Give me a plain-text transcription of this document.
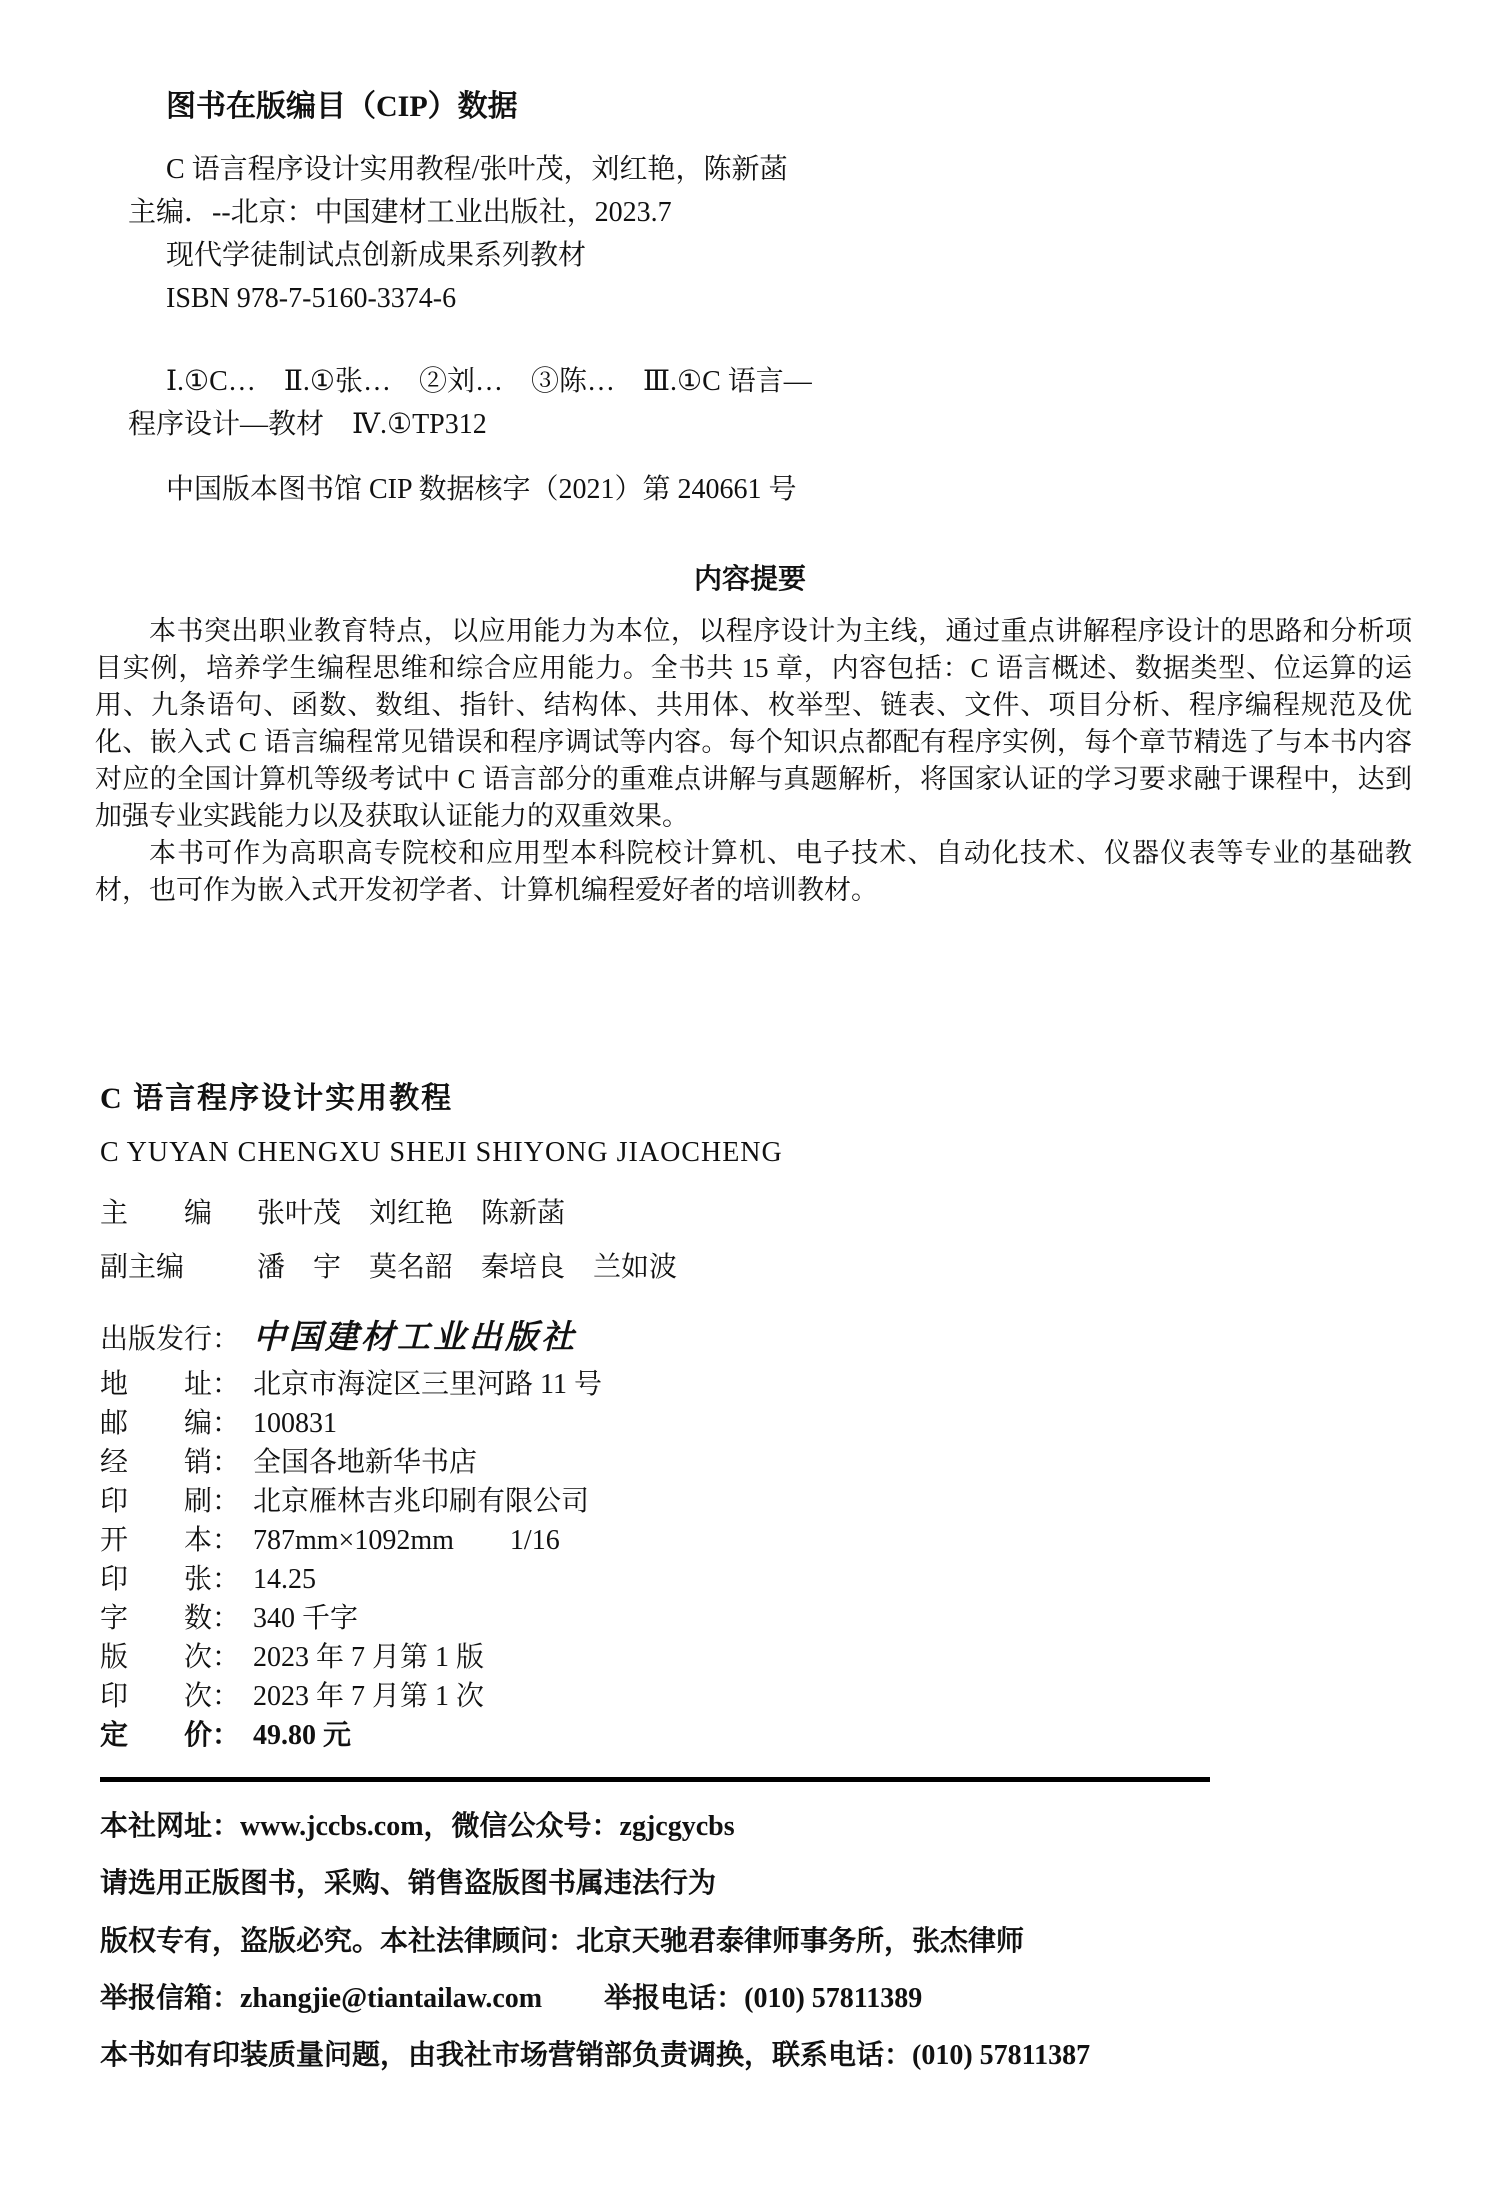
图书在版编目（CIP）数据
C 语言程序设计实用教程/张叶茂，刘红艳，陈新菡
主编．--北京：中国建材工业出版社，2023.7
现代学徒制试点创新成果系列教材
ISBN 978-7-5160-3374-6
Ⅰ.①C…　Ⅱ.①张…　②刘…　③陈…　Ⅲ.①C 语言—
程序设计—教材　Ⅳ.①TP312
中国版本图书馆 CIP 数据核字（2021）第 240661 号
内容提要

本书突出职业教育特点，以应用能力为本位，以程序设计为主线，通过重点讲解程序设计的思路和分析项目实例，培养学生编程思维和综合应用能力。全书共 15 章，内容包括：C 语言概述、数据类型、位运算的运用、九条语句、函数、数组、指针、结构体、共用体、枚举型、链表、文件、项目分析、程序编程规范及优化、嵌入式 C 语言编程常见错误和程序调试等内容。每个知识点都配有程序实例，每个章节精选了与本书内容对应的全国计算机等级考试中 C 语言部分的重难点讲解与真题解析，将国家认证的学习要求融于课程中，达到加强专业实践能力以及获取认证能力的双重效果。

本书可作为高职高专院校和应用型本科院校计算机、电子技术、自动化技术、仪器仪表等专业的基础教材，也可作为嵌入式开发初学者、计算机编程爱好者的培训教材。

C 语言程序设计实用教程
C YUYAN CHENGXU SHEJI SHIYONG JIAOCHENG
主　　编 张叶茂　刘红艳　陈新菡
副主编	潘　宇　莫名韶　秦培良　兰如波
出版发行： 中国建材工业出版社
地　　址： 北京市海淀区三里河路 11 号
邮　　编： 100831
经　　销： 全国各地新华书店
印　　刷： 北京雁林吉兆印刷有限公司
开　　本： 787mm×1092mm　　1/16
印　　张： 14.25
字　　数： 340 千字
版　　次： 2023 年 7 月第 1 版
印　　次： 2023 年 7 月第 1 次
定　　价： 49.80 元
本社网址：www.jccbs.com，微信公众号：zgjcgycbs
请选用正版图书，采购、销售盗版图书属违法行为
版权专有，盗版必究。本社法律顾问：北京天驰君泰律师事务所，张杰律师
举报信箱：zhangjie@tiantailaw.com 举报电话：(010) 57811389
本书如有印装质量问题，由我社市场营销部负责调换，联系电话：(010) 57811387
